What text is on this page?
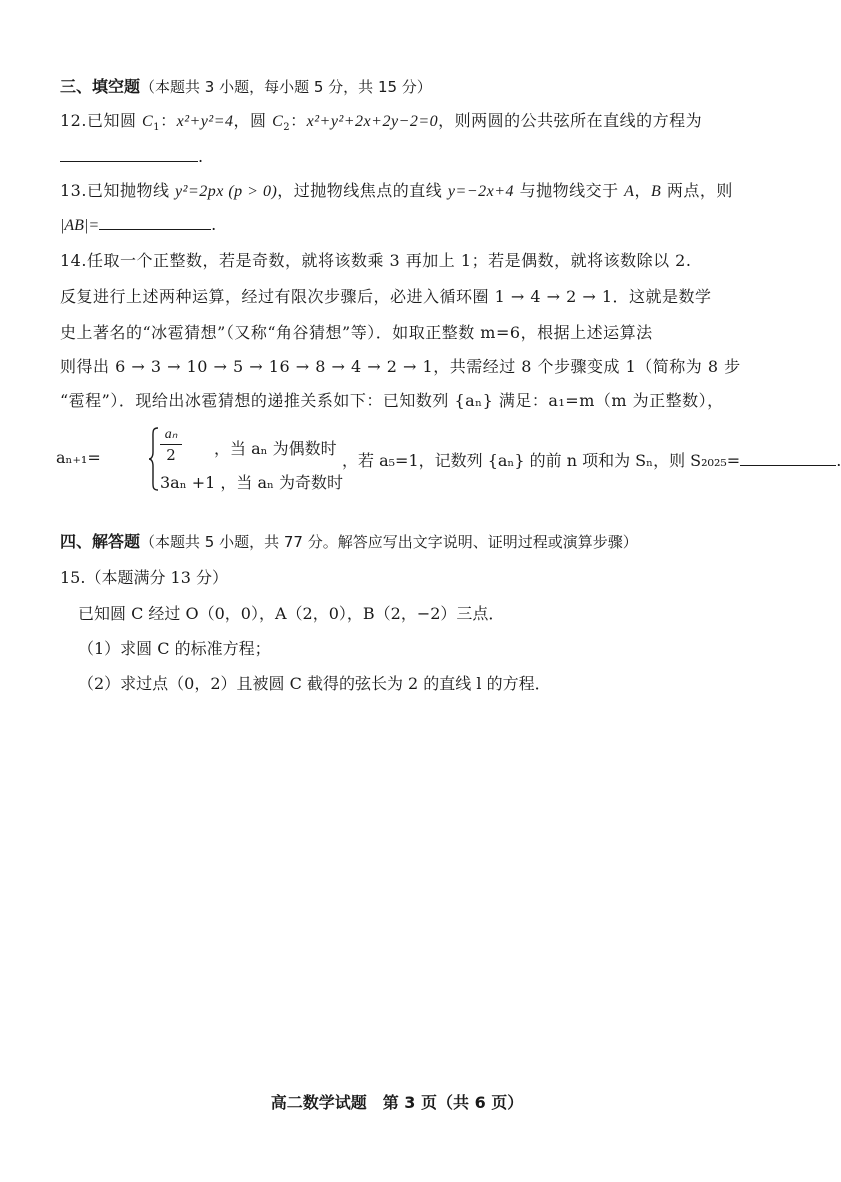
三、填空题（本题共 3 小题，每小题 5 分，共 15 分）
12.已知圆 $C_1$：x²+y²=4，圆 $C_2$：x²+y²+2x+2y−2=0，则两圆的公共弦所在直线的方程为
.
13.已知抛物线 y²=2px (p > 0)，过抛物线焦点的直线 y=−2x+4 与抛物线交于 A，B 两点，则
|AB|=	.
14.任取一个正整数，若是奇数，就将该数乘 3 再加上 1；若是偶数，就将该数除以 2.
反复进行上述两种运算，经过有限次步骤后，必进入循环圈 1 → 4 → 2 → 1．这就是数学
史上著名的“冰雹猜想”（又称“角谷猜想”等）．如取正整数 m=6，根据上述运算法
则得出 6 → 3 → 10 → 5 → 16 → 8 → 4 → 2 → 1，共需经过 8 个步骤变成 1（简称为 8 步
“雹程”）．现给出冰雹猜想的递推关系如下：已知数列 {aₙ} 满足：a₁=m（m 为正整数），
aₙ₊₁=	$\frac{\text{aₙ}}{2}$ ，当 aₙ 为偶数时
3aₙ +1 ，当 aₙ 为奇数时
，若 a₅=1，记数列 {aₙ} 的前 n 项和为 Sₙ，则 S₂₀₂₅=	.
四、解答题（本题共 5 小题，共 77 分。解答应写出文字说明、证明过程或演算步骤）
15.（本题满分 13 分）
已知圆 C 经过 O（0，0），A（2，0），B（2，−2）三点．
（1）求圆 C 的标准方程；
（2）求过点（0，2）且被圆 C 截得的弦长为 2 的直线 l 的方程．
高二数学试题　第 3 页（共 6 页）
